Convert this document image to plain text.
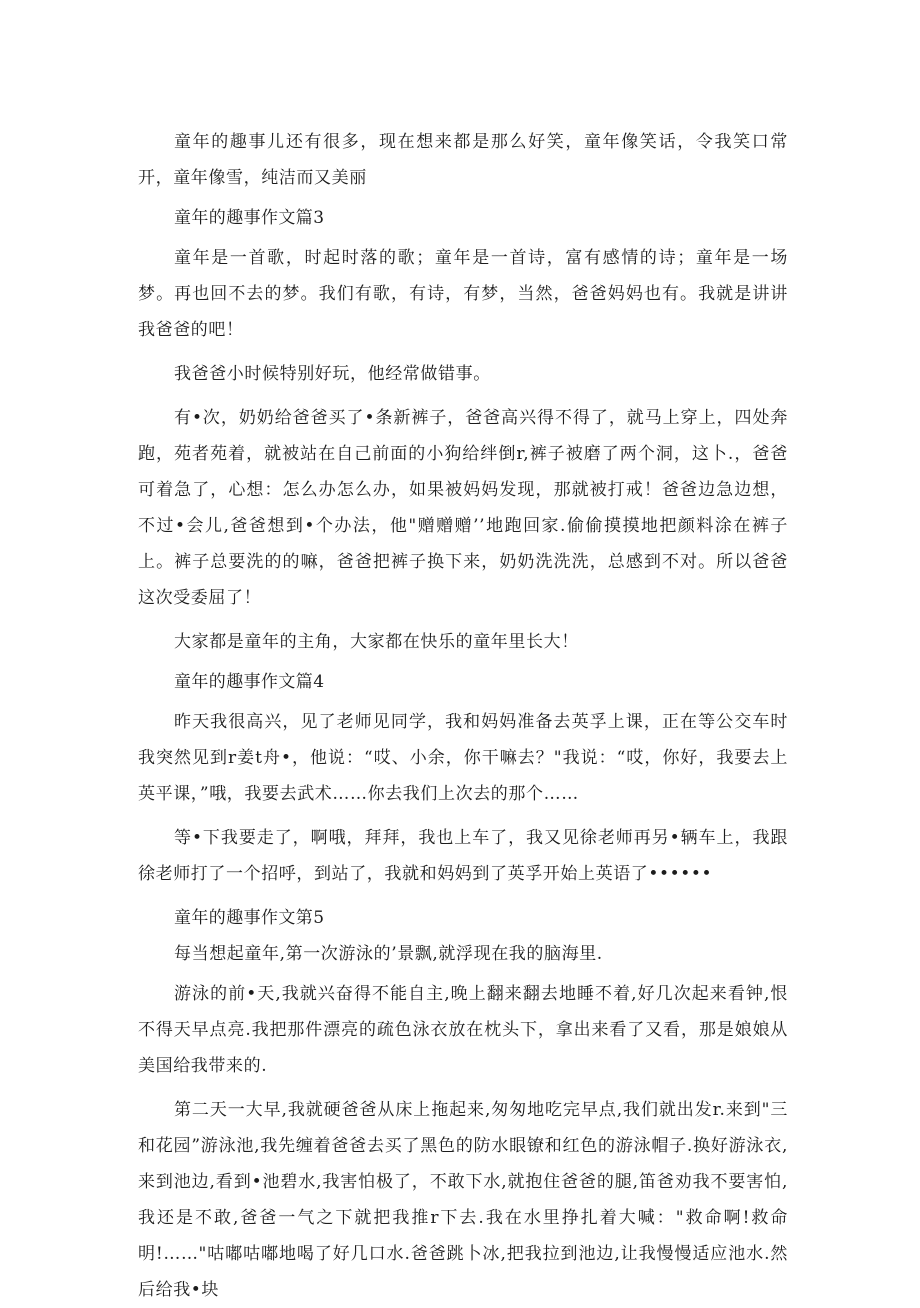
童年的趣事儿还有很多，现在想来都是那么好笑，童年像笑话，令我笑口常开，童年像雪，纯洁而又美丽

童年的趣事作文篇3

童年是一首歌，时起时落的歌；童年是一首诗，富有感情的诗；童年是一场梦。再也回不去的梦。我们有歌，有诗，有梦，当然，爸爸妈妈也有。我就是讲讲我爸爸的吧！

我爸爸小时候特别好玩，他经常做错事。

有•次，奶奶给爸爸买了•条新裤子，爸爸高兴得不得了，就马上穿上，四处奔跑，苑者苑着，就被站在自己前面的小狗给绊倒r,裤子被磨了两个洞，这卜.，爸爸可着急了，心想：怎么办怎么办，如果被妈妈发现，那就被打戒！爸爸边急边想，不过•会儿,爸爸想到•个办法，他"赠赠赠’’地跑回家.偷偷摸摸地把颜料涂在裤子上。裤子总要洗的的嘛，爸爸把裤子换下来，奶奶洗洗洗，总感到不对。所以爸爸这次受委屈了！

大家都是童年的主角，大家都在快乐的童年里长大！

童年的趣事作文篇4

昨天我很高兴，见了老师见同学，我和妈妈准备去英孚上课，正在等公交车时我突然见到r姜t舟•，他说：“哎、小余，你干嘛去？"我说：“哎，你好，我要去上英平课，”哦，我要去武术……你去我们上次去的那个……

等•下我要走了，啊哦，拜拜，我也上车了，我又见徐老师再另•辆车上，我跟徐老师打了一个招呼，到站了，我就和妈妈到了英孚开始上英语了••••••

童年的趣事作文第5

每当想起童年,第一次游泳的’景飘,就浮现在我的脑海里.

游泳的前•天,我就兴奋得不能自主,晚上翻来翻去地睡不着,好几次起来看钟,恨不得天早点亮.我把那件漂亮的疏色泳衣放在枕头下，拿出来看了又看，那是娘娘从美国给我带来的.

第二天一大早,我就硬爸爸从床上拖起来,匆匆地吃完早点,我们就出发r.来到"三和花园”游泳池,我先缠着爸爸去买了黑色的防水眼镣和红色的游泳帽子.换好游泳衣,来到池边,看到•池碧水,我害怕极了，不敢下水,就抱住爸爸的腿,笛爸劝我不要害怕,我还是不敢,爸爸一气之下就把我推r下去.我在水里挣扎着大喊："救命啊!救命明!……"咕嘟咕嘟地喝了好几口水.爸爸跳卜冰,把我拉到池边,让我慢慢适应池水.然后给我•块
